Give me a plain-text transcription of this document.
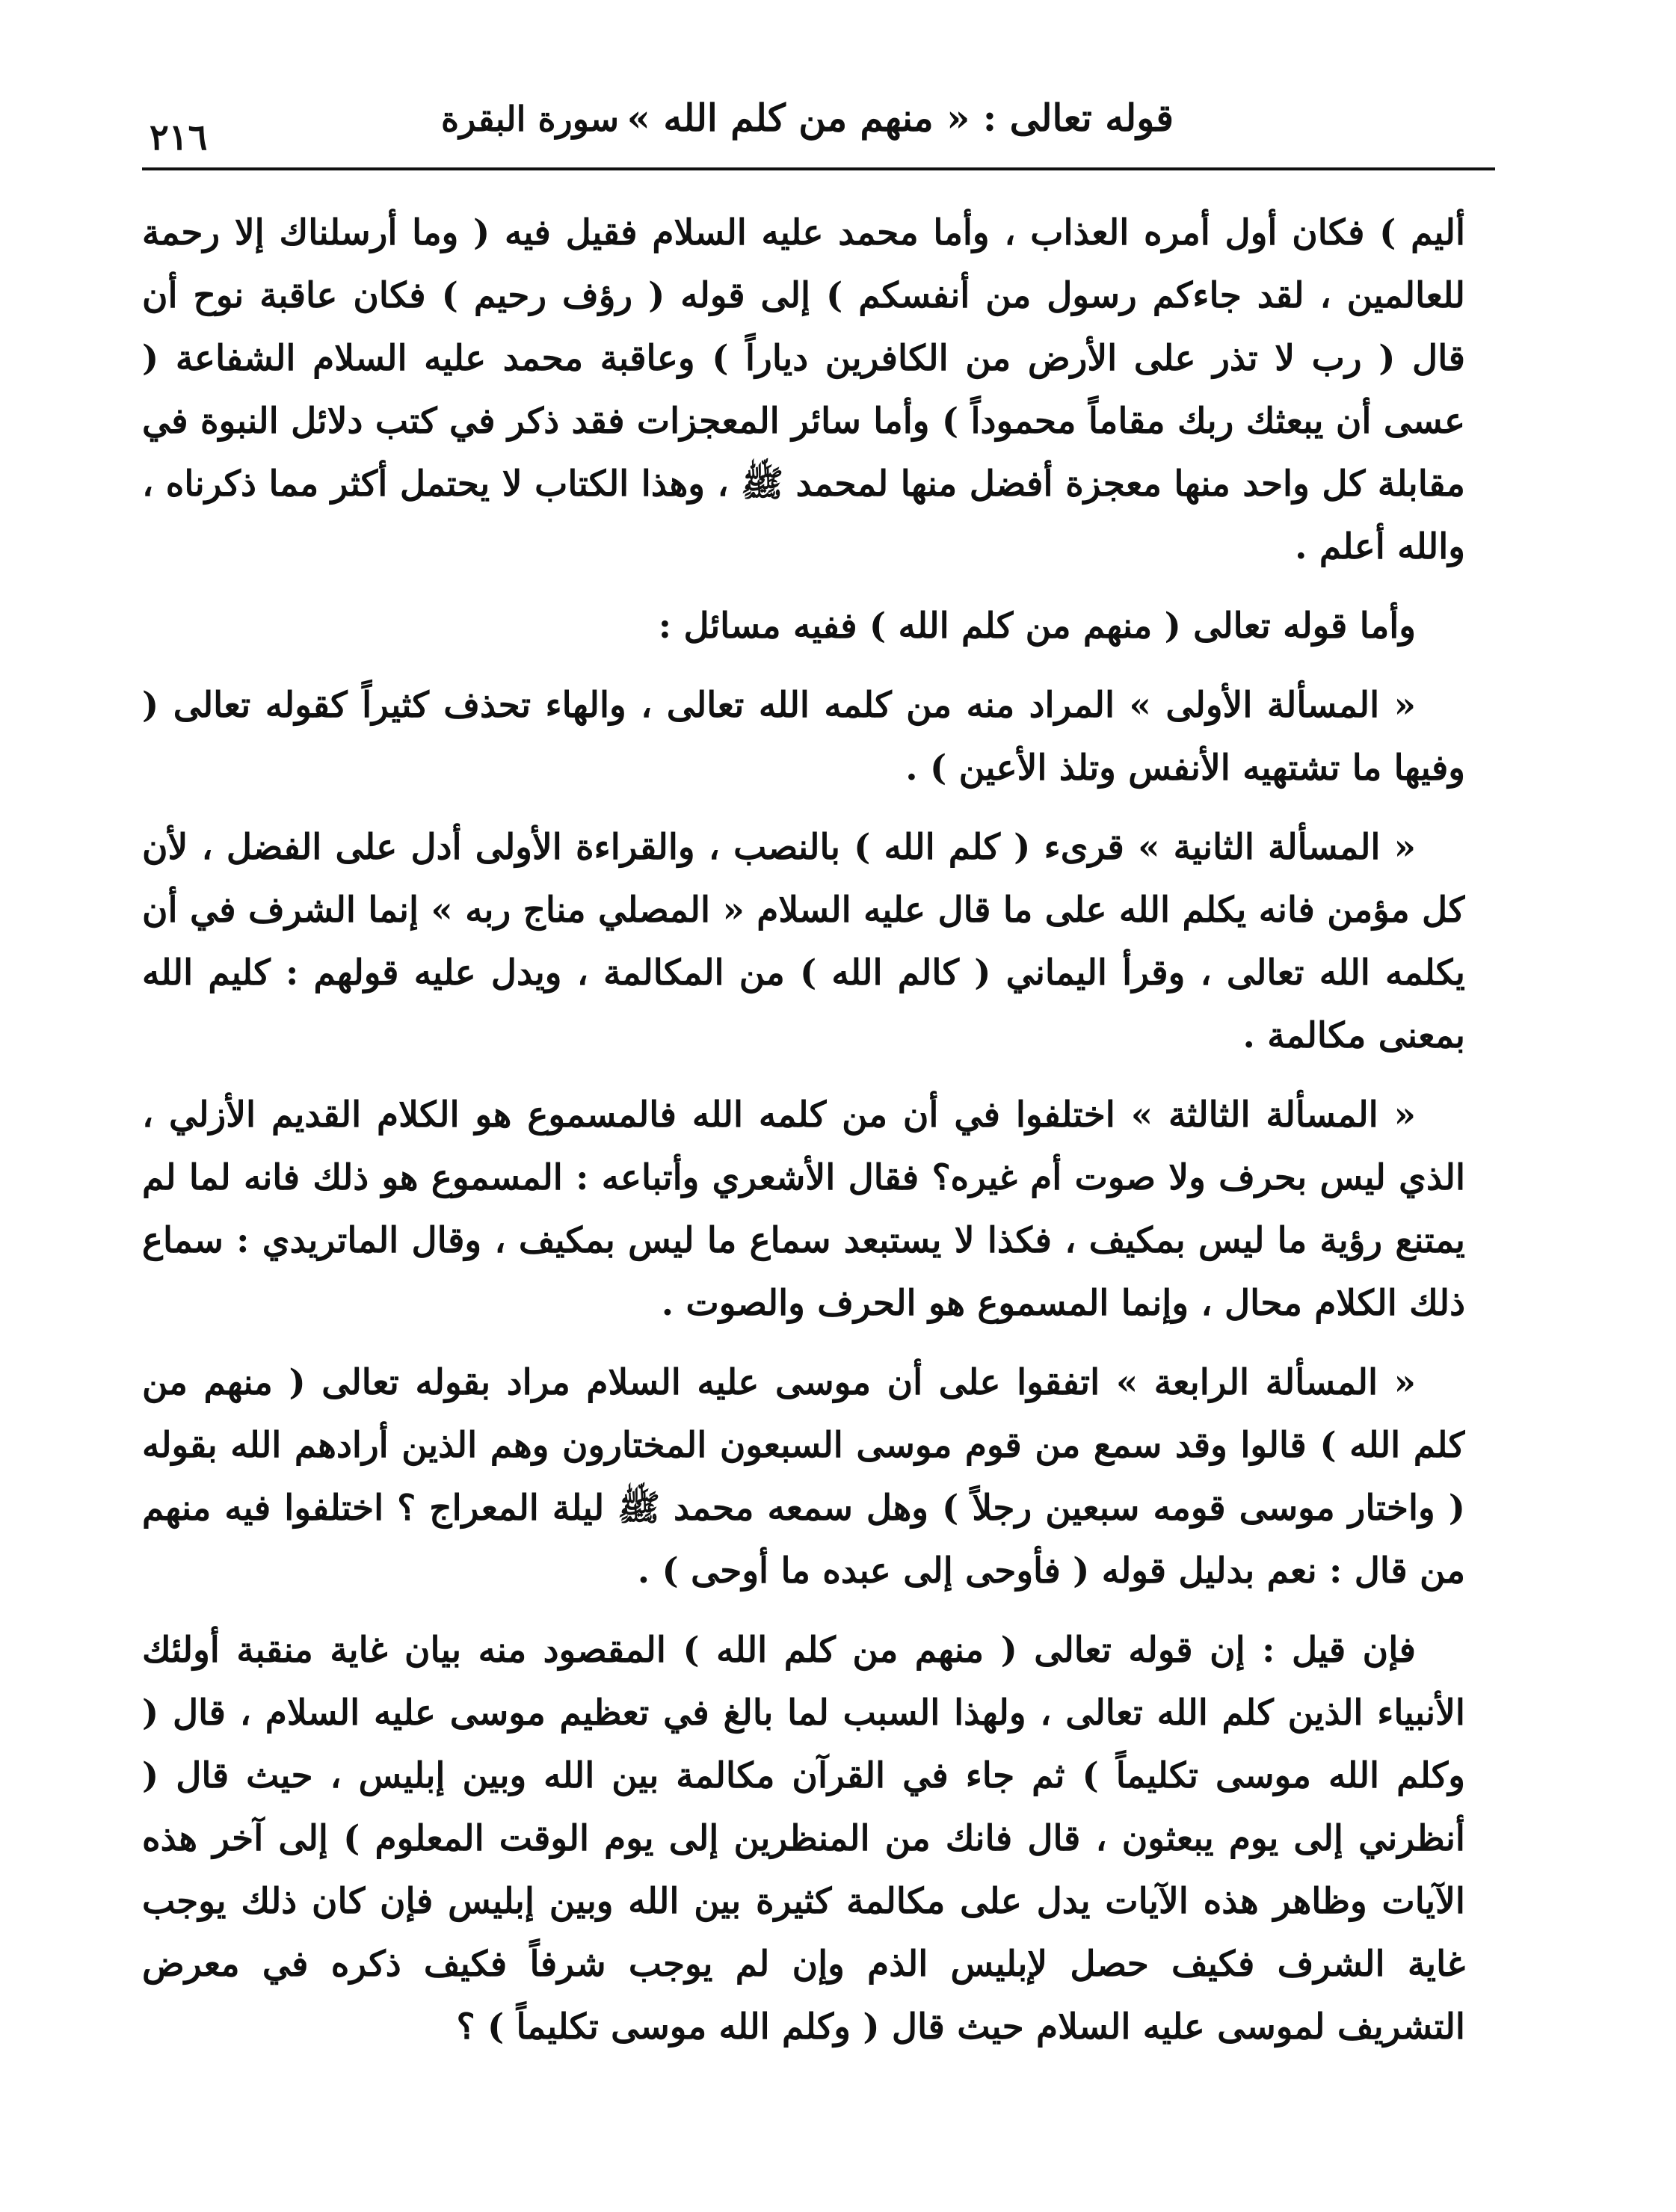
قوله تعالى : « منهم من كلم الله »
سورة البقرة
٢١٦

أليم ) فكان أول أمره العذاب ، وأما محمد عليه السلام فقيل فيه ( وما أرسلناك إلا رحمة للعالمين ، لقد جاءكم رسول من أنفسكم ) إلى قوله ( رؤف رحيم ) فكان عاقبة نوح أن قال ( رب لا تذر على الأرض من الكافرين دياراً ) وعاقبة محمد عليه السلام الشفاعة ( عسى أن يبعثك ربك مقاماً محموداً ) وأما سائر المعجزات فقد ذكر في كتب دلائل النبوة في مقابلة كل واحد منها معجزة أفضل منها لمحمد ﷺ ، وهذا الكتاب لا يحتمل أكثر مما ذكرناه ، والله أعلم .

وأما قوله تعالى ( منهم من كلم الله ) ففيه مسائل :

« المسألة الأولى » المراد منه من كلمه الله تعالى ، والهاء تحذف كثيراً كقوله تعالى ( وفيها ما تشتهيه الأنفس وتلذ الأعين ) .

« المسألة الثانية » قرىء ( كلم الله ) بالنصب ، والقراءة الأولى أدل على الفضل ، لأن كل مؤمن فانه يكلم الله على ما قال عليه السلام « المصلي مناج ربه » إنما الشرف في أن يكلمه الله تعالى ، وقرأ اليماني ( كالم الله ) من المكالمة ، ويدل عليه قولهم : كليم الله بمعنى مكالمة .

« المسألة الثالثة » اختلفوا في أن من كلمه الله فالمسموع هو الكلام القديم الأزلي ، الذي ليس بحرف ولا صوت أم غيره؟ فقال الأشعري وأتباعه : المسموع هو ذلك فانه لما لم يمتنع رؤية ما ليس بمكيف ، فكذا لا يستبعد سماع ما ليس بمكيف ، وقال الماتريدي : سماع ذلك الكلام محال ، وإنما المسموع هو الحرف والصوت .

« المسألة الرابعة » اتفقوا على أن موسى عليه السلام مراد بقوله تعالى ( منهم من كلم الله ) قالوا وقد سمع من قوم موسى السبعون المختارون وهم الذين أرادهم الله بقوله ( واختار موسى قومه سبعين رجلاً ) وهل سمعه محمد ﷺ ليلة المعراج ؟ اختلفوا فيه منهم من قال : نعم بدليل قوله ( فأوحى إلى عبده ما أوحى ) .

فإن قيل : إن قوله تعالى ( منهم من كلم الله ) المقصود منه بيان غاية منقبة أولئك الأنبياء الذين كلم الله تعالى ، ولهذا السبب لما بالغ في تعظيم موسى عليه السلام ، قال ( وكلم الله موسى تكليماً ) ثم جاء في القرآن مكالمة بين الله وبين إبليس ، حيث قال ( أنظرني إلى يوم يبعثون ، قال فانك من المنظرين إلى يوم الوقت المعلوم ) إلى آخر هذه الآيات وظاهر هذه الآيات يدل على مكالمة كثيرة بين الله وبين إبليس فإن كان ذلك يوجب غاية الشرف فكيف حصل لإبليس الذم وإن لم يوجب شرفاً فكيف ذكره في معرض التشريف لموسى عليه السلام حيث قال ( وكلم الله موسى تكليماً ) ؟
